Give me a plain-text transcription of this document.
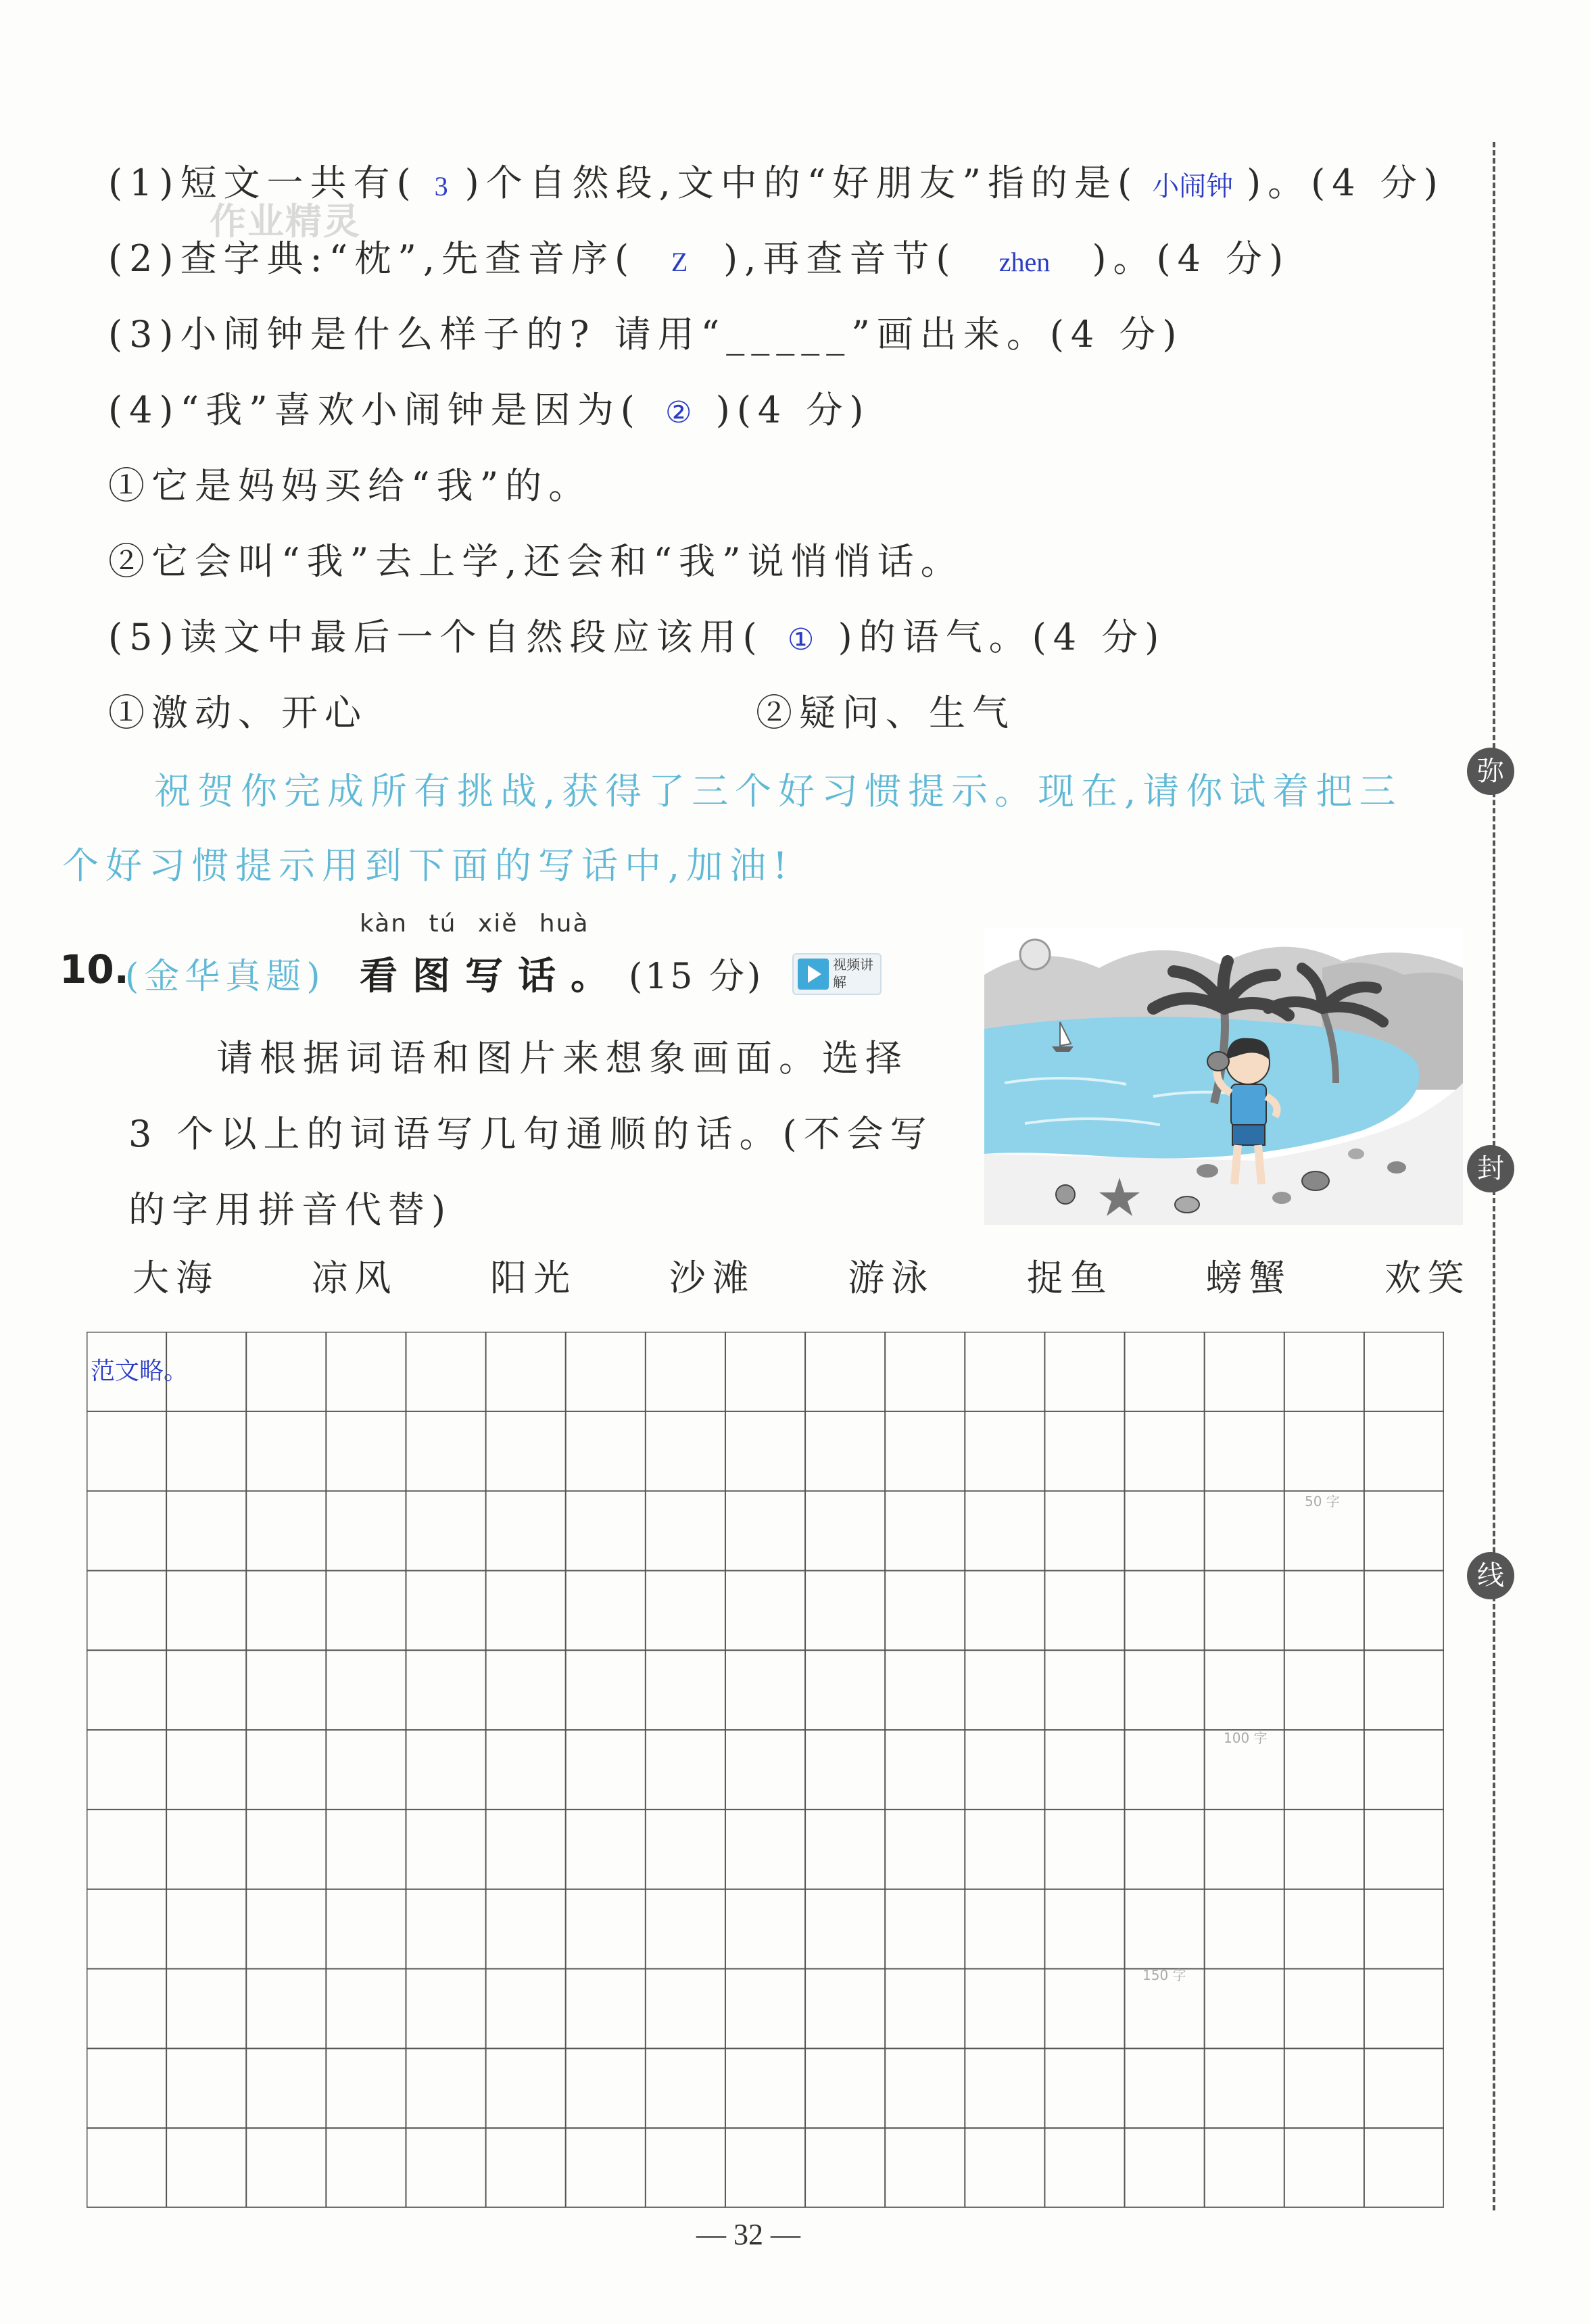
(1)短文一共有( 3 )个自然段,文中的“好朋友”指的是( 小闹钟 )。(4 分)
作业精灵
(2)查字典:“枕”,先查音序( Z ),再查音节( zhen )。(4 分)
(3)小闹钟是什么样子的? 请用“_____”画出来。(4 分)
(4)“我”喜欢小闹钟是因为( ② )(4 分)
①它是妈妈买给“我”的。
②它会叫“我”去上学,还会和“我”说悄悄话。
(5)读文中最后一个自然段应该用( ① )的语气。(4 分)
①激动、开心	②疑问、生气
祝贺你完成所有挑战,获得了三个好习惯提示。现在,请你试着把三
个好习惯提示用到下面的写话中,加油!
弥
封
线
10.
(金华真题)
kàn tú xiě huà
看图写话。 (15 分)	视频讲解
请根据词语和图片来想象画面。选择
3 个以上的词语写几句通顺的话。(不会写
的字用拼音代替)
大海	凉风	阳光	沙滩	游泳	捉鱼	螃蟹	欢笑
范文略。
50 字
100 字
150 字
— 32 —
